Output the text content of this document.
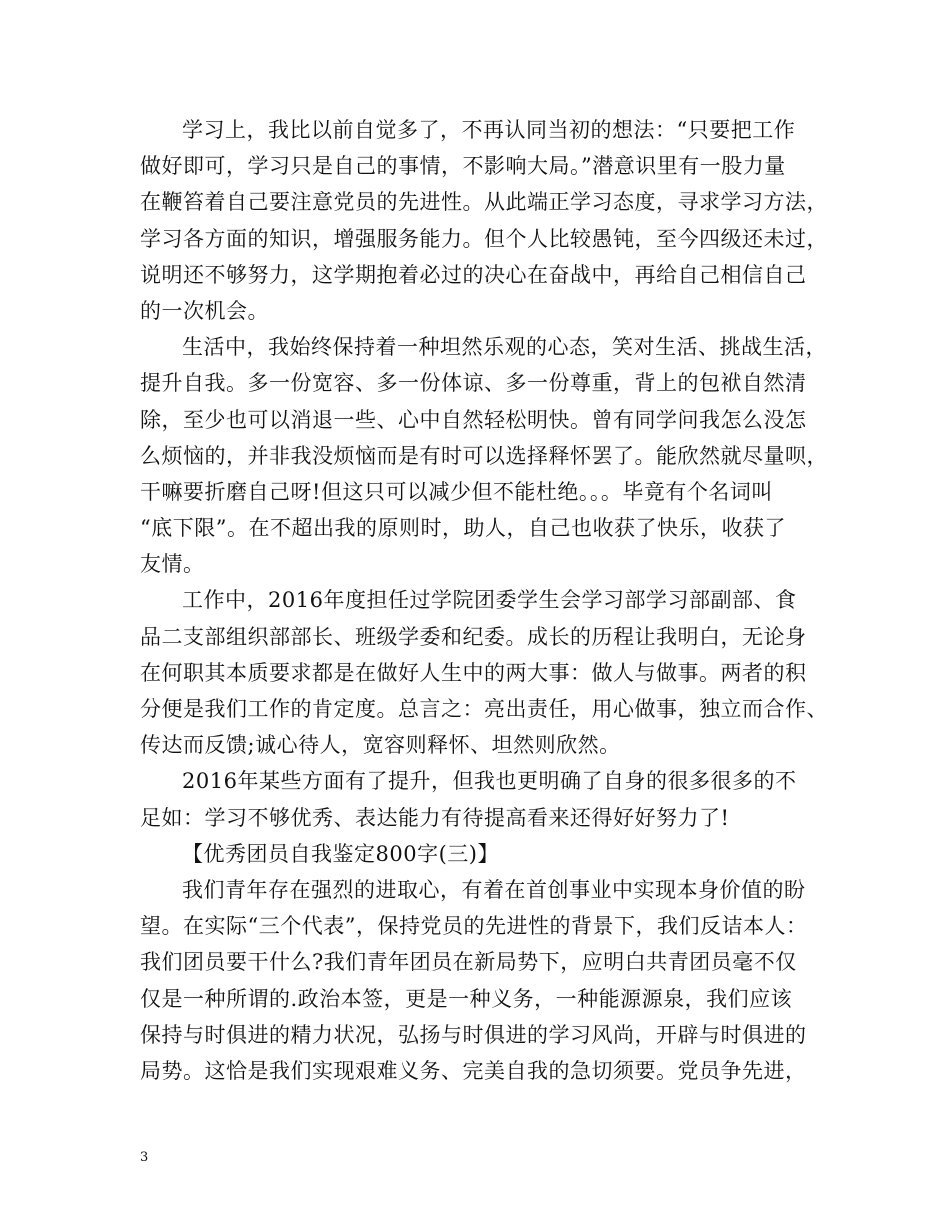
学习上，我比以前自觉多了，不再认同当初的想法：“只要把工作
做好即可，学习只是自己的事情，不影响大局。”潜意识里有一股力量
在鞭笞着自己要注意党员的先进性。从此端正学习态度，寻求学习方法，
学习各方面的知识，增强服务能力。但个人比较愚钝，至今四级还未过，
说明还不够努力，这学期抱着必过的决心在奋战中，再给自己相信自己
的一次机会。
生活中，我始终保持着一种坦然乐观的心态，笑对生活、挑战生活，
提升自我。多一份宽容、多一份体谅、多一份尊重，背上的包袱自然清
除，至少也可以消退一些、心中自然轻松明快。曾有同学问我怎么没怎
么烦恼的，并非我没烦恼而是有时可以选择释怀罢了。能欣然就尽量呗，
干嘛要折磨自己呀!但这只可以减少但不能杜绝。。。毕竟有个名词叫
“底下限”。在不超出我的原则时，助人，自己也收获了快乐，收获了
友情。
工作中，2016年度担任过学院团委学生会学习部学习部副部、食
品二支部组织部部长、班级学委和纪委。成长的历程让我明白，无论身
在何职其本质要求都是在做好人生中的两大事：做人与做事。两者的积
分便是我们工作的肯定度。总言之：亮出责任，用心做事，独立而合作、
传达而反馈;诚心待人，宽容则释怀、坦然则欣然。
2016年某些方面有了提升，但我也更明确了自身的很多很多的不
足如：学习不够优秀、表达能力有待提高看来还得好好努力了!
【优秀团员自我鉴定800字(三)】
我们青年存在强烈的进取心，有着在首创事业中实现本身价值的盼
望。在实际“三个代表”，保持党员的先进性的背景下，我们反诘本人：
我们团员要干什么?我们青年团员在新局势下，应明白共青团员毫不仅
仅是一种所谓的.政治本签，更是一种义务，一种能源源泉，我们应该
保持与时俱进的精力状况，弘扬与时俱进的学习风尚，开辟与时俱进的
局势。这恰是我们实现艰难义务、完美自我的急切须要。党员争先进，
3
